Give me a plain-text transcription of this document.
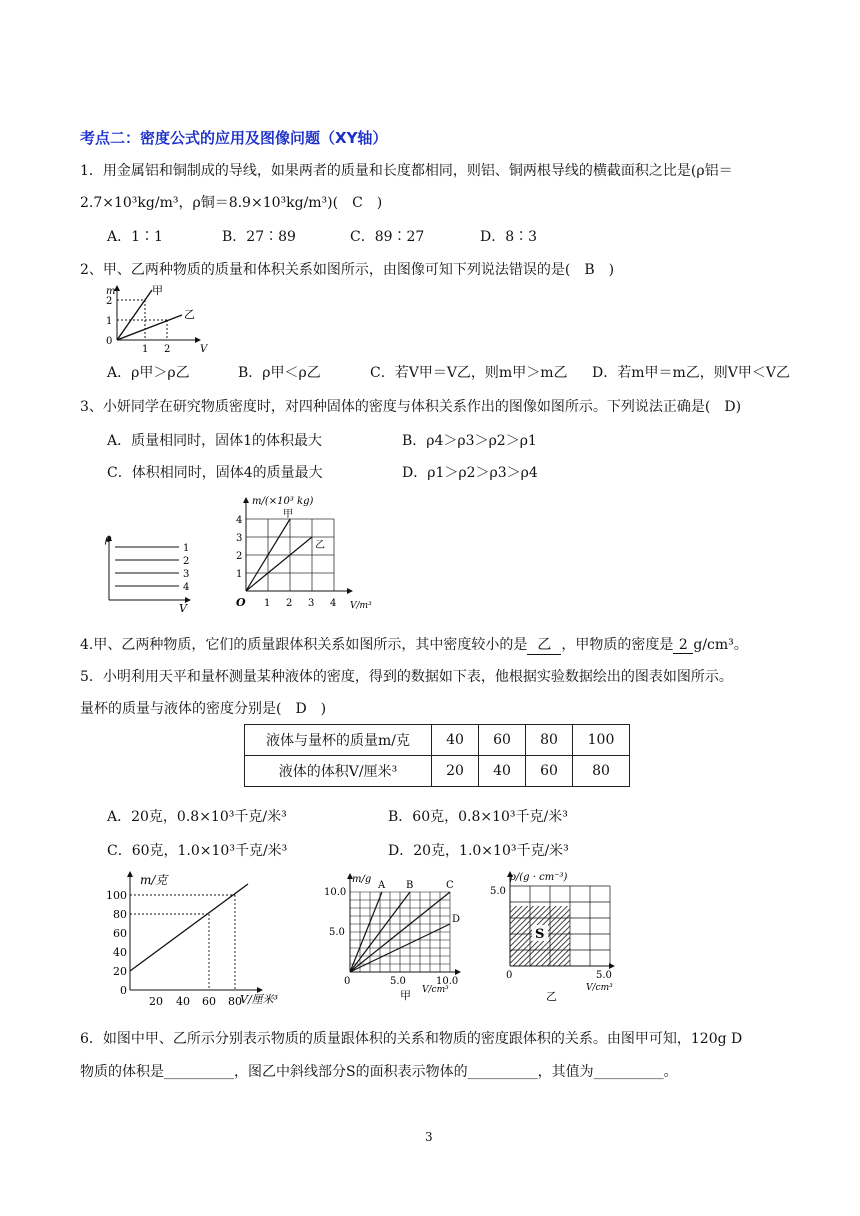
考点二：密度公式的应用及图像问题（XY轴）
1．用金属铝和铜制成的导线，如果两者的质量和长度都相同，则铝、铜两根导线的横截面积之比是(ρ铝＝
2.7×10³kg/m³，ρ铜＝8.9×10³kg/m³)(　C　)
A．1∶1	B．27∶89	C．89∶27	D．8∶3
2、甲、乙两种物质的质量和体积关系如图所示，由图像可知下列说法错误的是(　B　)
m
V
2
1
0
1 2
甲
乙
A．ρ甲＞ρ乙	B．ρ甲＜ρ乙	C．若V甲＝V乙，则m甲＞m乙 D．若m甲＝m乙，则V甲＜V乙
3、小妍同学在研究物质密度时，对四种固体的密度与体积关系作出的图像如图所示。下列说法正确是(　D)
A．质量相同时，固体1的体积最大	B．ρ4＞ρ3＞ρ2＞ρ1
C．体积相同时，固体4的质量最大	D．ρ1＞ρ2＞ρ3＞ρ4
ρ
V
1
2
3
4
m/(×10³ kg)
V/m³
O
4
3
2
1
1 2 3 4
甲
乙
4.甲、乙两种物质，它们的质量跟体积关系如图所示，其中密度较小的是 乙 ，甲物质的密度是 2 g/cm³。
5．小明利用天平和量杯测量某种液体的密度，得到的数据如下表，他根据实验数据绘出的图表如图所示。
量杯的质量与液体的密度分别是(　D　)
液体与量杯的质量m/克	40	60	80	100
液体的体积V/厘米³	20	40	60	80
A．20克，0.8×10³千克/米³	B．60克，0.8×10³千克/米³
C．60克，1.0×10³千克/米³	D．20克，1.0×10³千克/米³
m/克
V/厘米³
100
80
60
40
20
0
20 40 60 80
m/g
V/cm³
10.0
5.0
0	5.0	10.0
A B	C
D
甲
ρ/(g · cm⁻³)
V/cm³
5.0
0	5.0
S
乙
6．如图中甲、乙所示分别表示物质的质量跟体积的关系和物质的密度跟体积的关系。由图甲可知，120g D
物质的体积是__________，图乙中斜线部分S的面积表示物体的__________，其值为__________。
3
